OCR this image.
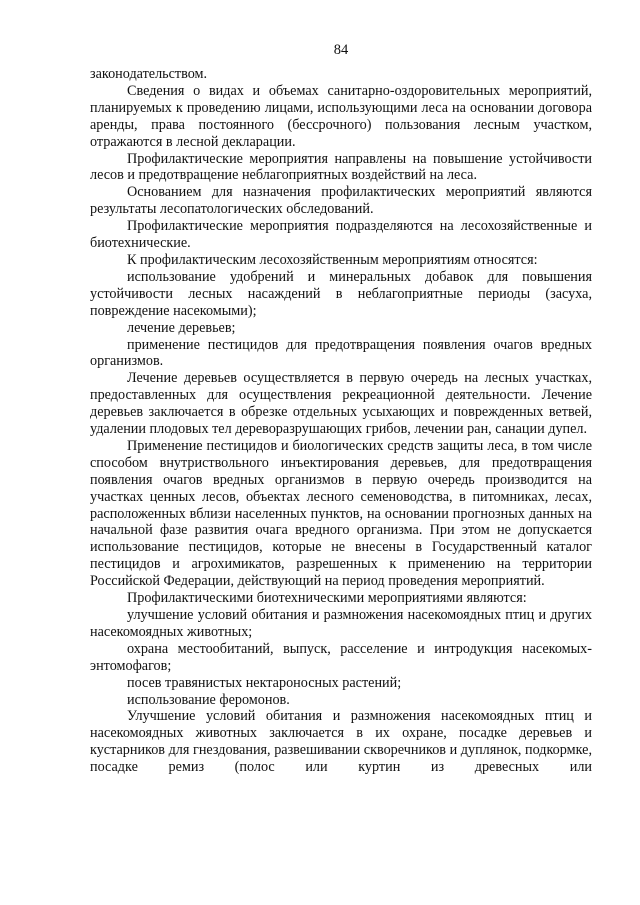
84

законодательством.

Сведения о видах и объемах санитарно-оздоровительных мероприятий, планируемых к проведению лицами, использующими леса на основании договора аренды, права постоянного (бессрочного) пользования лесным участком, отражаются в лесной декларации.

Профилактические мероприятия направлены на повышение устойчивости лесов и предотвращение неблагоприятных воздействий на леса.

Основанием для назначения профилактических мероприятий являются результаты лесопатологических обследований.

Профилактические мероприятия подразделяются на лесохозяйственные и биотехнические.

К профилактическим лесохозяйственным мероприятиям относятся:

использование удобрений и минеральных добавок для повышения устойчивости лесных насаждений в неблагоприятные периоды (засуха, повреждение насекомыми);

лечение деревьев;

применение пестицидов для предотвращения появления очагов вредных организмов.

Лечение деревьев осуществляется в первую очередь на лесных участках, предоставленных для осуществления рекреационной деятельности. Лечение деревьев заключается в обрезке отдельных усыхающих и поврежденных ветвей, удалении плодовых тел дереворазрушающих грибов, лечении ран, санации дупел.

Применение пестицидов и биологических средств защиты леса, в том числе способом внутриствольного инъектирования деревьев, для предотвращения появления очагов вредных организмов в первую очередь производится на участках ценных лесов, объектах лесного семеноводства, в питомниках, лесах, расположенных вблизи населенных пунктов, на основании прогнозных данных на начальной фазе развития очага вредного организма. При этом не допускается использование пестицидов, которые не внесены в Государственный каталог пестицидов и агрохимикатов, разрешенных к применению на территории Российской Федерации, действующий на период проведения мероприятий.

Профилактическими биотехническими мероприятиями являются:

улучшение условий обитания и размножения насекомоядных птиц и других насекомоядных животных;

охрана местообитаний, выпуск, расселение и интродукция насекомых-энтомофагов;

посев травянистых нектароносных растений;

использование феромонов.

Улучшение условий обитания и размножения насекомоядных птиц и насекомоядных животных заключается в их охране, посадке деревьев и кустарников для гнездования, развешивании скворечников и дуплянок, подкормке, посадке ремиз (полос или куртин из древесных или
